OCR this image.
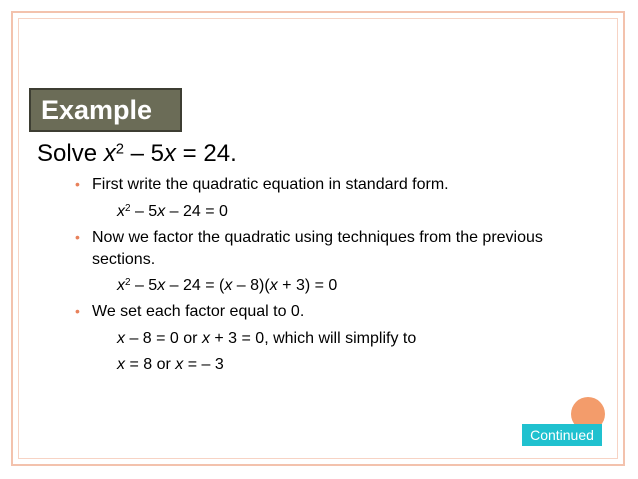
Example
Solve $x^2 - 5x = 24$.
• First write the quadratic equation in standard form.
$x^2 - 5x - 24 = 0$
• Now we factor the quadratic using techniques from the previous
sections.
$x^2 - 5x - 24 = (x - 8)(x + 3) = 0$
• We set each factor equal to 0.
x – 8 = 0 or x + 3 = 0, which will simplify to
x = 8 or x = – 3
Continued
